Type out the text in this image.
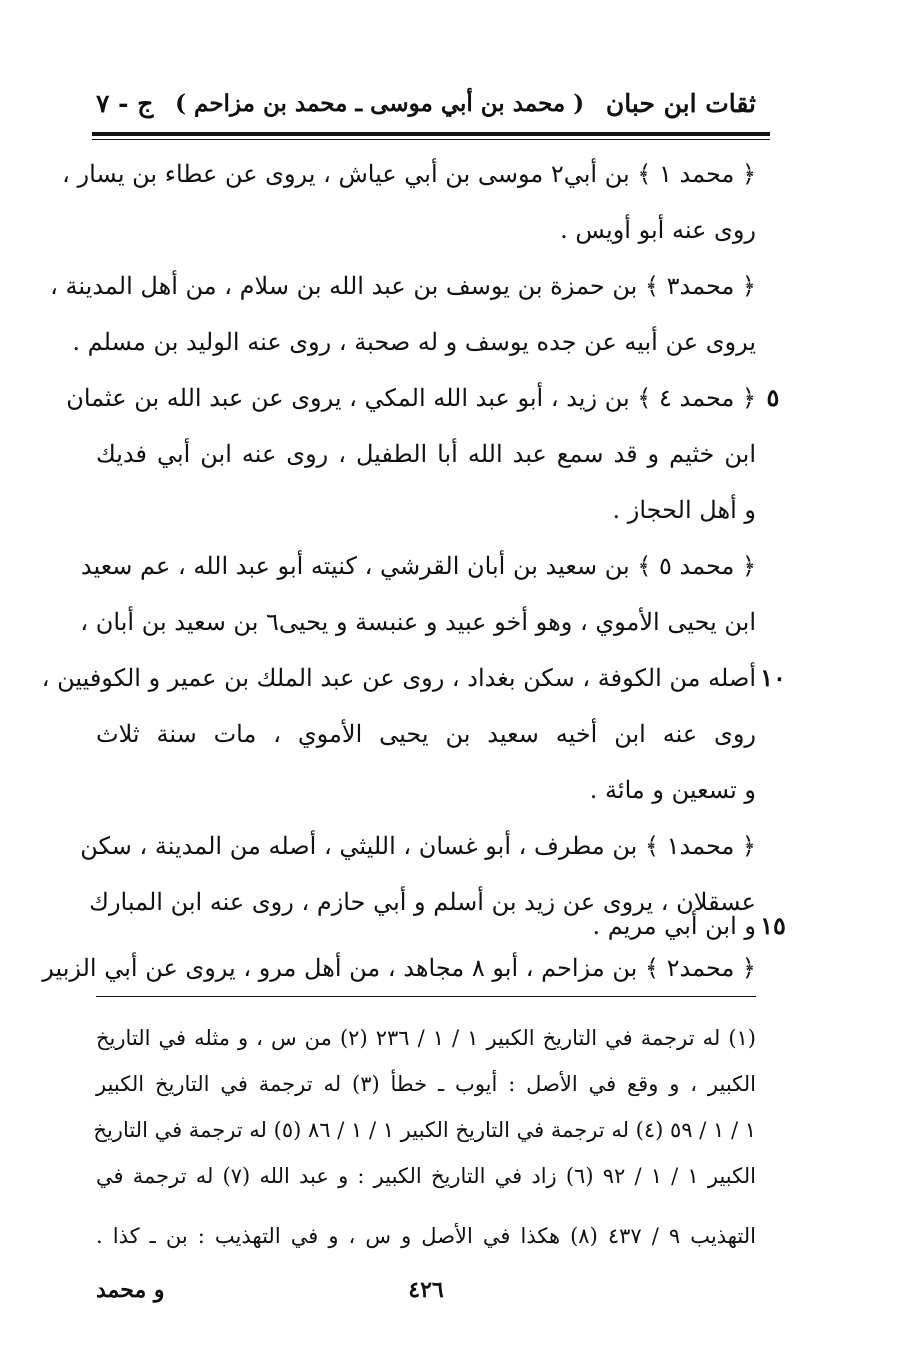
ثقات ابن حبان
( محمد بن أبي موسى ـ محمد بن مزاحم )
ج - ٧
﴿ محمد ١ ﴾ بن أبي٢ موسى بن أبي عياش ، يروى عن عطاء بن يسار ،
روى عنه أبو أويس .
﴿ محمد٣ ﴾ بن حمزة بن يوسف بن عبد الله بن سلام ، من أهل المدينة ،
يروى عن أبيه عن جده يوسف و له صحبة ، روى عنه الوليد بن مسلم .
﴿ محمد ٤ ﴾ بن زيد ، أبو عبد الله المكي ، يروى عن عبد الله بن عثمان ٥
ابن خثيم و قد سمع عبد الله أبا الطفيل ، روى عنه ابن أبي فديك
و أهل الحجاز .
﴿ محمد ٥ ﴾ بن سعيد بن أبان القرشي ، كنيته أبو عبد الله ، عم سعيد
ابن يحيى الأموي ، وهو أخو عبيد و عنبسة و يحيى٦ بن سعيد بن أبان ،
أصله من الكوفة ، سكن بغداد ، روى عن عبد الملك بن عمير و الكوفيين ، ١٠
روى عنه ابن أخيه سعيد بن يحيى الأموي ، مات سنة ثلاث
و تسعين و مائة .
﴿ محمد١ ﴾ بن مطرف ، أبو غسان ، الليثي ، أصله من المدينة ، سكن
عسقلان ، يروى عن زيد بن أسلم و أبي حازم ، روى عنه ابن المبارك
و ابن أبي مريم . ١٥
﴿ محمد٢ ﴾ بن مزاحم ، أبو ٨ مجاهد ، من أهل مرو ، يروى عن أبي الزبير
(١) له ترجمة في التاريخ الكبير ١ / ١ / ٢٣٦ (٢) من س ، و مثله في التاريخ
الكبير ، و وقع في الأصل : أيوب ـ خطأ (٣) له ترجمة في التاريخ الكبير
١ / ١ / ٥٩ (٤) له ترجمة في التاريخ الكبير ١ / ١ / ٨٦ (٥) له ترجمة في التاريخ
الكبير ١ / ١ / ٩٢ (٦) زاد في التاريخ الكبير : و عبد الله (٧) له ترجمة في
التهذيب ٩ / ٤٣٧ (٨) هكذا في الأصل و س ، و في التهذيب : بن ـ كذا .
٤٢٦
و محمد
